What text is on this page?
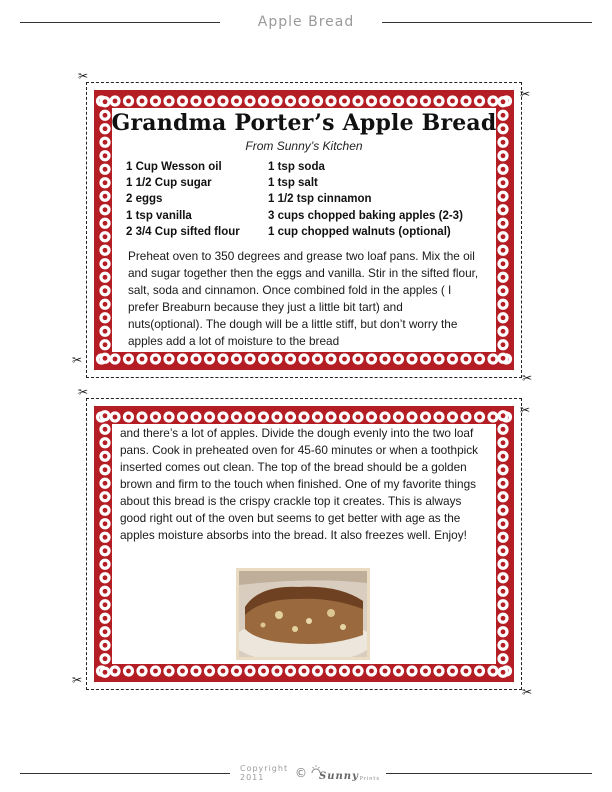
Apple Bread
✂
✂
✂
✂
Grandma Porter’s Apple Bread
From Sunny’s Kitchen
1 Cup Wesson oil
1 1/2 Cup sugar
2 eggs
1 tsp vanilla
2 3/4 Cup sifted flour
1 tsp soda
1 tsp salt
1 1/2 tsp cinnamon
3 cups chopped baking apples (2-3)
1 cup chopped walnuts (optional)
Preheat oven to 350 degrees and grease two loaf pans. Mix the oil and sugar together then the eggs and vanilla. Stir in the sifted flour, salt, soda and cinnamon. Once combined fold in the apples ( I prefer Breaburn because they just a little bit tart) and nuts(optional). The dough will be a little stiff, but don’t worry the apples add a lot of moisture to the bread
✂
✂
✂
✂
and there’s a lot of apples. Divide the dough evenly into the two loaf pans. Cook in preheated oven for 45-60 minutes or when a toothpick inserted comes out clean. The top of the bread should be a golden brown and firm to the touch when finished. One of my favorite things about this bread is the crispy crackle top it creates. This is always good right out of the oven but seems to get better with age as the apples moisture absorbs into the bread. It also freezes well. Enjoy!
Copyright 2011	© Sunny Prints
